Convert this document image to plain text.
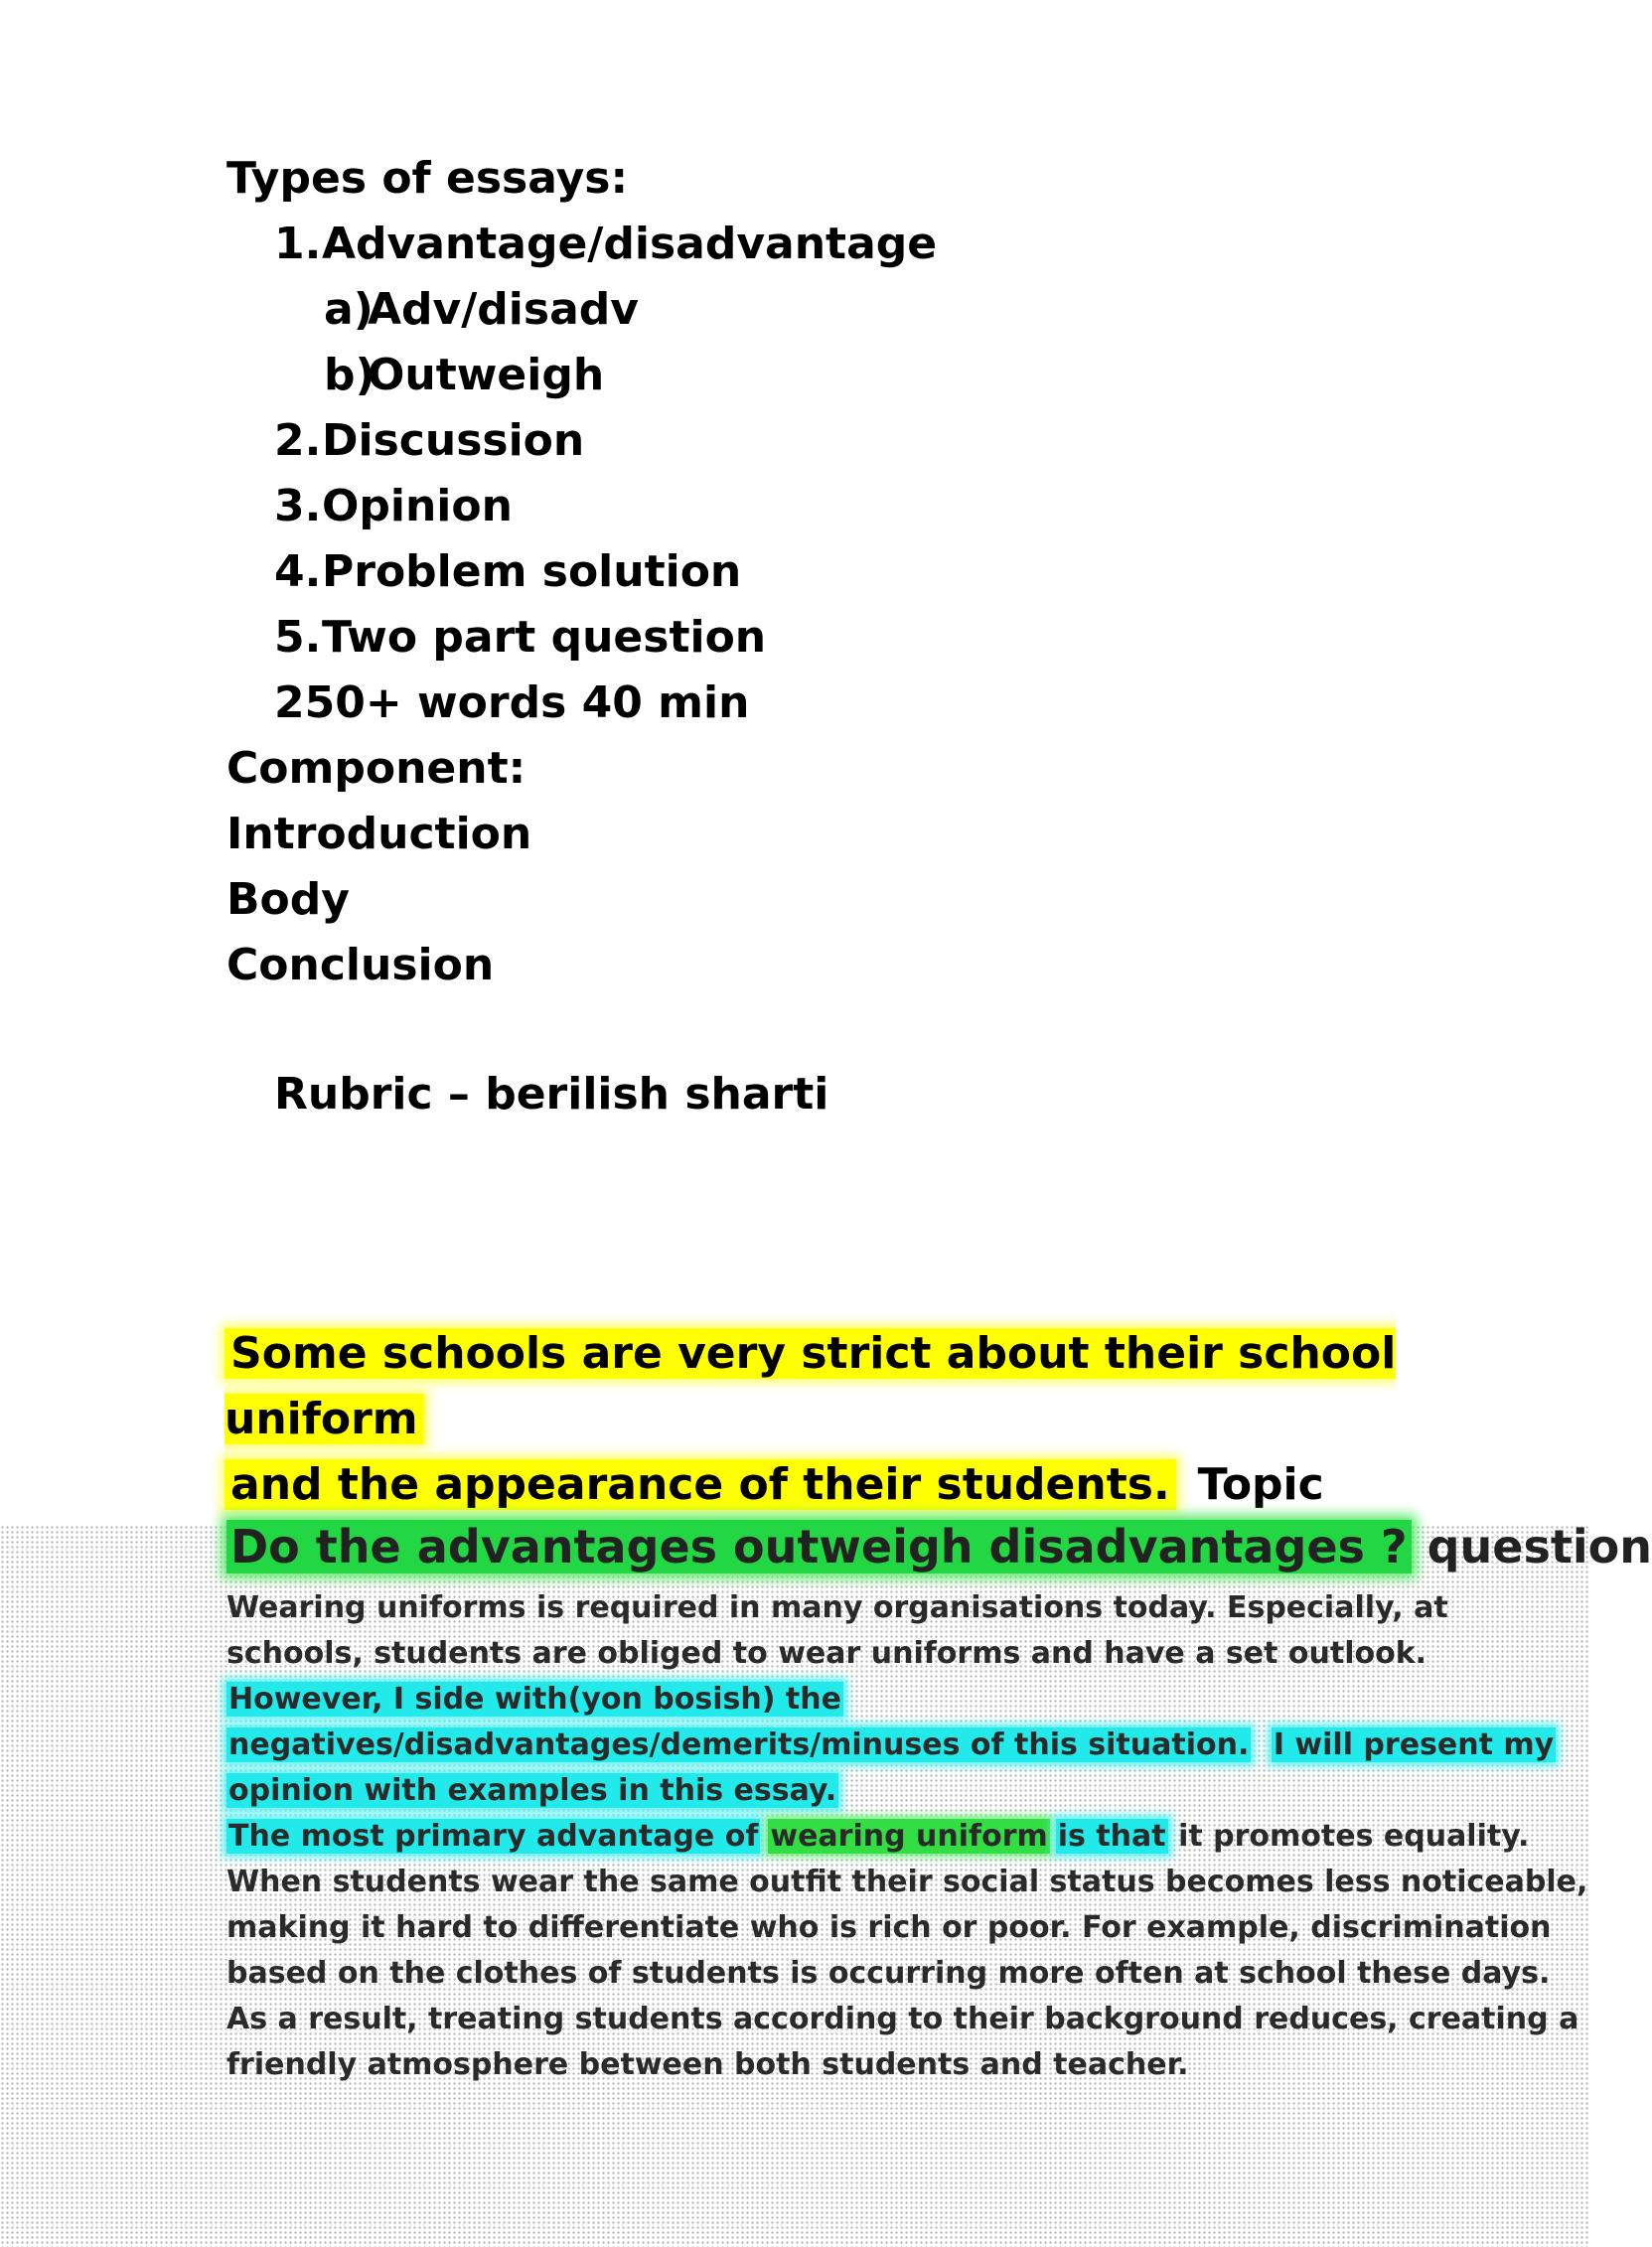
Types of essays:
1.Advantage/disadvantage
a)Adv/disadv
b)Outweigh
2.Discussion
3.Opinion
4.Problem solution
5.Two part question
250+ words 40 min
Component:
Introduction
Body
Conclusion
Rubric – berilish sharti
Some schools are very strict about their school uniform
and the appearance of their students. Topic
Do the advantages outweigh disadvantages ? question
Wearing uniforms is required in many organisations today. Especially, at
schools, students are obliged to wear uniforms and have a set outlook.
However, I side with(yon bosish) the
negatives/disadvantages/demerits/minuses of this situation. I will present my
opinion with examples in this essay.
The most primary advantage of wearing uniform is that it promotes equality.
When students wear the same outfit their social status becomes less noticeable,
making it hard to differentiate who is rich or poor. For example, discrimination
based on the clothes of students is occurring more often at school these days.
As a result, treating students according to their background reduces, creating a
friendly atmosphere between both students and teacher.
